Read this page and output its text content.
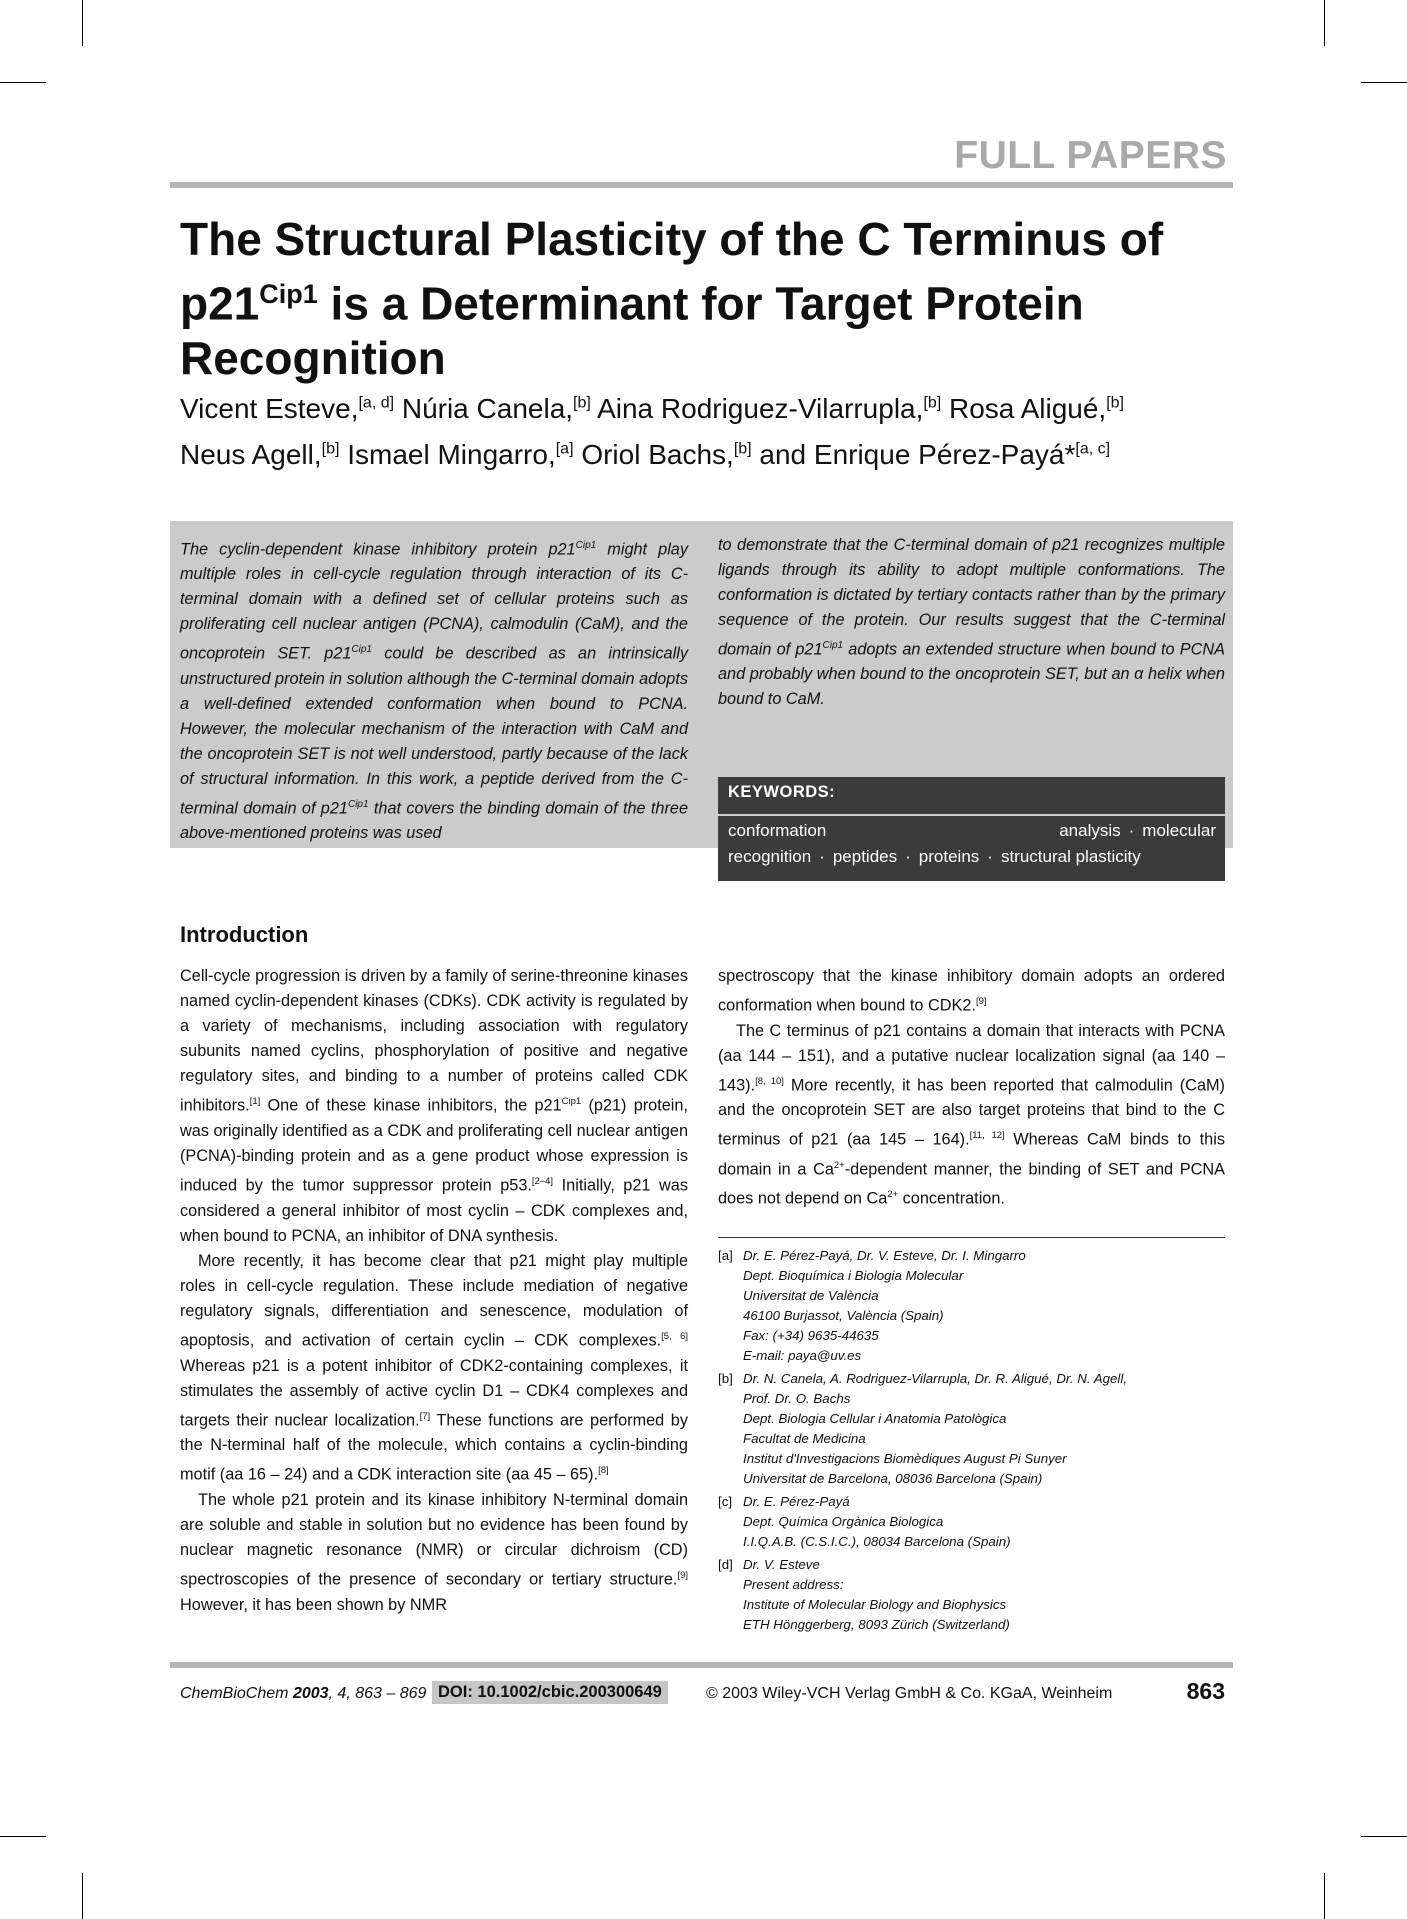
FULL PAPERS
The Structural Plasticity of the C Terminus of
$p21^{Cip1}$ is a Determinant for Target Protein
Recognition
Vicent Esteve,[a, d] Núria Canela,[b] Aina Rodriguez-Vilarrupla,[b] Rosa Aligué,[b]
Neus Agell,[b] Ismael Mingarro,[a] Oriol Bachs,[b] and Enrique Pérez-Payá*[a, c]
The cyclin-dependent kinase inhibitory protein $p21^{Cip1}$ might play multiple roles in cell-cycle regulation through interaction of its C-terminal domain with a defined set of cellular proteins such as proliferating cell nuclear antigen (PCNA), calmodulin (CaM), and the oncoprotein SET. $p21^{Cip1}$ could be described as an intrinsically unstructured protein in solution although the C-terminal domain adopts a well-defined extended conformation when bound to PCNA. However, the molecular mechanism of the interaction with CaM and the oncoprotein SET is not well understood, partly because of the lack of structural information. In this work, a peptide derived from the C-terminal domain of $p21^{Cip1}$ that covers the binding domain of the three above-mentioned proteins was used
to demonstrate that the C-terminal domain of p21 recognizes multiple ligands through its ability to adopt multiple conformations. The conformation is dictated by tertiary contacts rather than by the primary sequence of the protein. Our results suggest that the C-terminal domain of $p21^{Cip1}$ adopts an extended structure when bound to PCNA and probably when bound to the oncoprotein SET, but an α helix when bound to CaM.
KEYWORDS:
conformation analysis · molecular recognition · peptides · proteins · structural plasticity
Introduction

Cell-cycle progression is driven by a family of serine-threonine kinases named cyclin-dependent kinases (CDKs). CDK activity is regulated by a variety of mechanisms, including association with regulatory subunits named cyclins, phosphorylation of positive and negative regulatory sites, and binding to a number of proteins called CDK inhibitors.[1] One of these kinase inhibitors, the $p21^{Cip1}$ (p21) protein, was originally identified as a CDK and proliferating cell nuclear antigen (PCNA)-binding protein and as a gene product whose expression is induced by the tumor suppressor protein p53.[2–4] Initially, p21 was considered a general inhibitor of most cyclin – CDK complexes and, when bound to PCNA, an inhibitor of DNA synthesis.

More recently, it has become clear that p21 might play multiple roles in cell-cycle regulation. These include mediation of negative regulatory signals, differentiation and senescence, modulation of apoptosis, and activation of certain cyclin – CDK complexes.[5, 6] Whereas p21 is a potent inhibitor of CDK2-containing complexes, it stimulates the assembly of active cyclin D1 – CDK4 complexes and targets their nuclear localization.[7] These functions are performed by the N-terminal half of the molecule, which contains a cyclin-binding motif (aa 16 – 24) and a CDK interaction site (aa 45 – 65).[8]

The whole p21 protein and its kinase inhibitory N-terminal domain are soluble and stable in solution but no evidence has been found by nuclear magnetic resonance (NMR) or circular dichroism (CD) spectroscopies of the presence of secondary or tertiary structure.[9] However, it has been shown by NMR

spectroscopy that the kinase inhibitory domain adopts an ordered conformation when bound to CDK2.[9]

The C terminus of p21 contains a domain that interacts with PCNA (aa 144 – 151), and a putative nuclear localization signal (aa 140 – 143).[8, 10] More recently, it has been reported that calmodulin (CaM) and the oncoprotein SET are also target proteins that bind to the C terminus of p21 (aa 145 – 164).[11, 12] Whereas CaM binds to this domain in a $Ca^{2+}$-dependent manner, the binding of SET and PCNA does not depend on $Ca^{2+}$ concentration.

[a] Dr. E. Pérez-Payá, Dr. V. Esteve, Dr. I. Mingarro
Dept. Bioquímica i Biologia Molecular
Universitat de València
46100 Burjassot, València (Spain)
Fax: (+34) 9635-44635
E-mail: paya@uv.es
[b] Dr. N. Canela, A. Rodriguez-Vilarrupla, Dr. R. Aligué, Dr. N. Agell,
Prof. Dr. O. Bachs
Dept. Biologia Cellular i Anatomia Patològica
Facultat de Medicina
Institut d'Investigacions Biomèdiques August Pi Sunyer
Universitat de Barcelona, 08036 Barcelona (Spain)
[c] Dr. E. Pérez-Payá
Dept. Química Orgànica Biologica
I.I.Q.A.B. (C.S.I.C.), 08034 Barcelona (Spain)
[d] Dr. V. Esteve
Present address:
Institute of Molecular Biology and Biophysics
ETH Hönggerberg, 8093 Zürich (Switzerland)
ChemBioChem 2003, 4, 863 – 869 DOI: 10.1002/cbic.200300649	© 2003 Wiley-VCH Verlag GmbH & Co. KGaA, Weinheim	863
